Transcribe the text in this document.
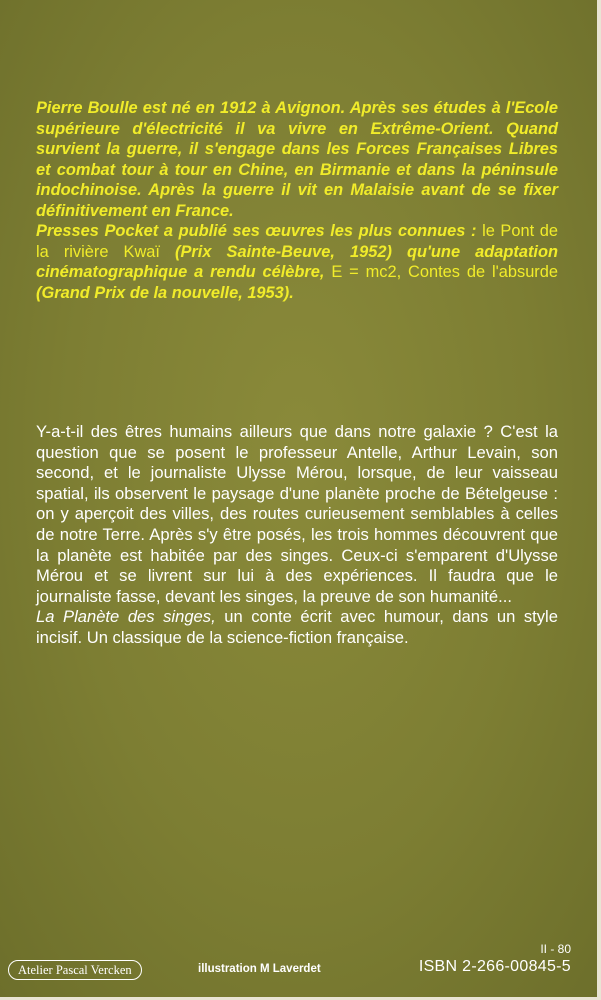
Pierre Boulle est né en 1912 à Avignon. Après ses études à l'Ecole supérieure d'électricité il va vivre en Extrême-Orient. Quand survient la guerre, il s'engage dans les Forces Françaises Libres et combat tour à tour en Chine, en Birmanie et dans la péninsule indochinoise. Après la guerre il vit en Malaisie avant de se fixer définitivement en France.

Presses Pocket a publié ses œuvres les plus connues : le Pont de la rivière Kwaï (Prix Sainte-Beuve, 1952) qu'une adaptation cinématographique a rendu célèbre, E = mc2, Contes de l'absurde (Grand Prix de la nouvelle, 1953).

Y-a-t-il des êtres humains ailleurs que dans notre galaxie ? C'est la question que se posent le professeur Antelle, Arthur Levain, son second, et le journaliste Ulysse Mérou, lorsque, de leur vaisseau spatial, ils observent le paysage d'une planète proche de Bételgeuse : on y aperçoit des villes, des routes curieusement semblables à celles de notre Terre. Après s'y être posés, les trois hommes découvrent que la planète est habitée par des singes. Ceux-ci s'emparent d'Ulysse Mérou et se livrent sur lui à des expériences. Il faudra que le journaliste fasse, devant les singes, la preuve de son humanité...

La Planète des singes, un conte écrit avec humour, dans un style incisif. Un classique de la science-fiction française.

II - 80
Atelier Pascal Vercken	illustration M Laverdet	ISBN 2-266-00845-5
